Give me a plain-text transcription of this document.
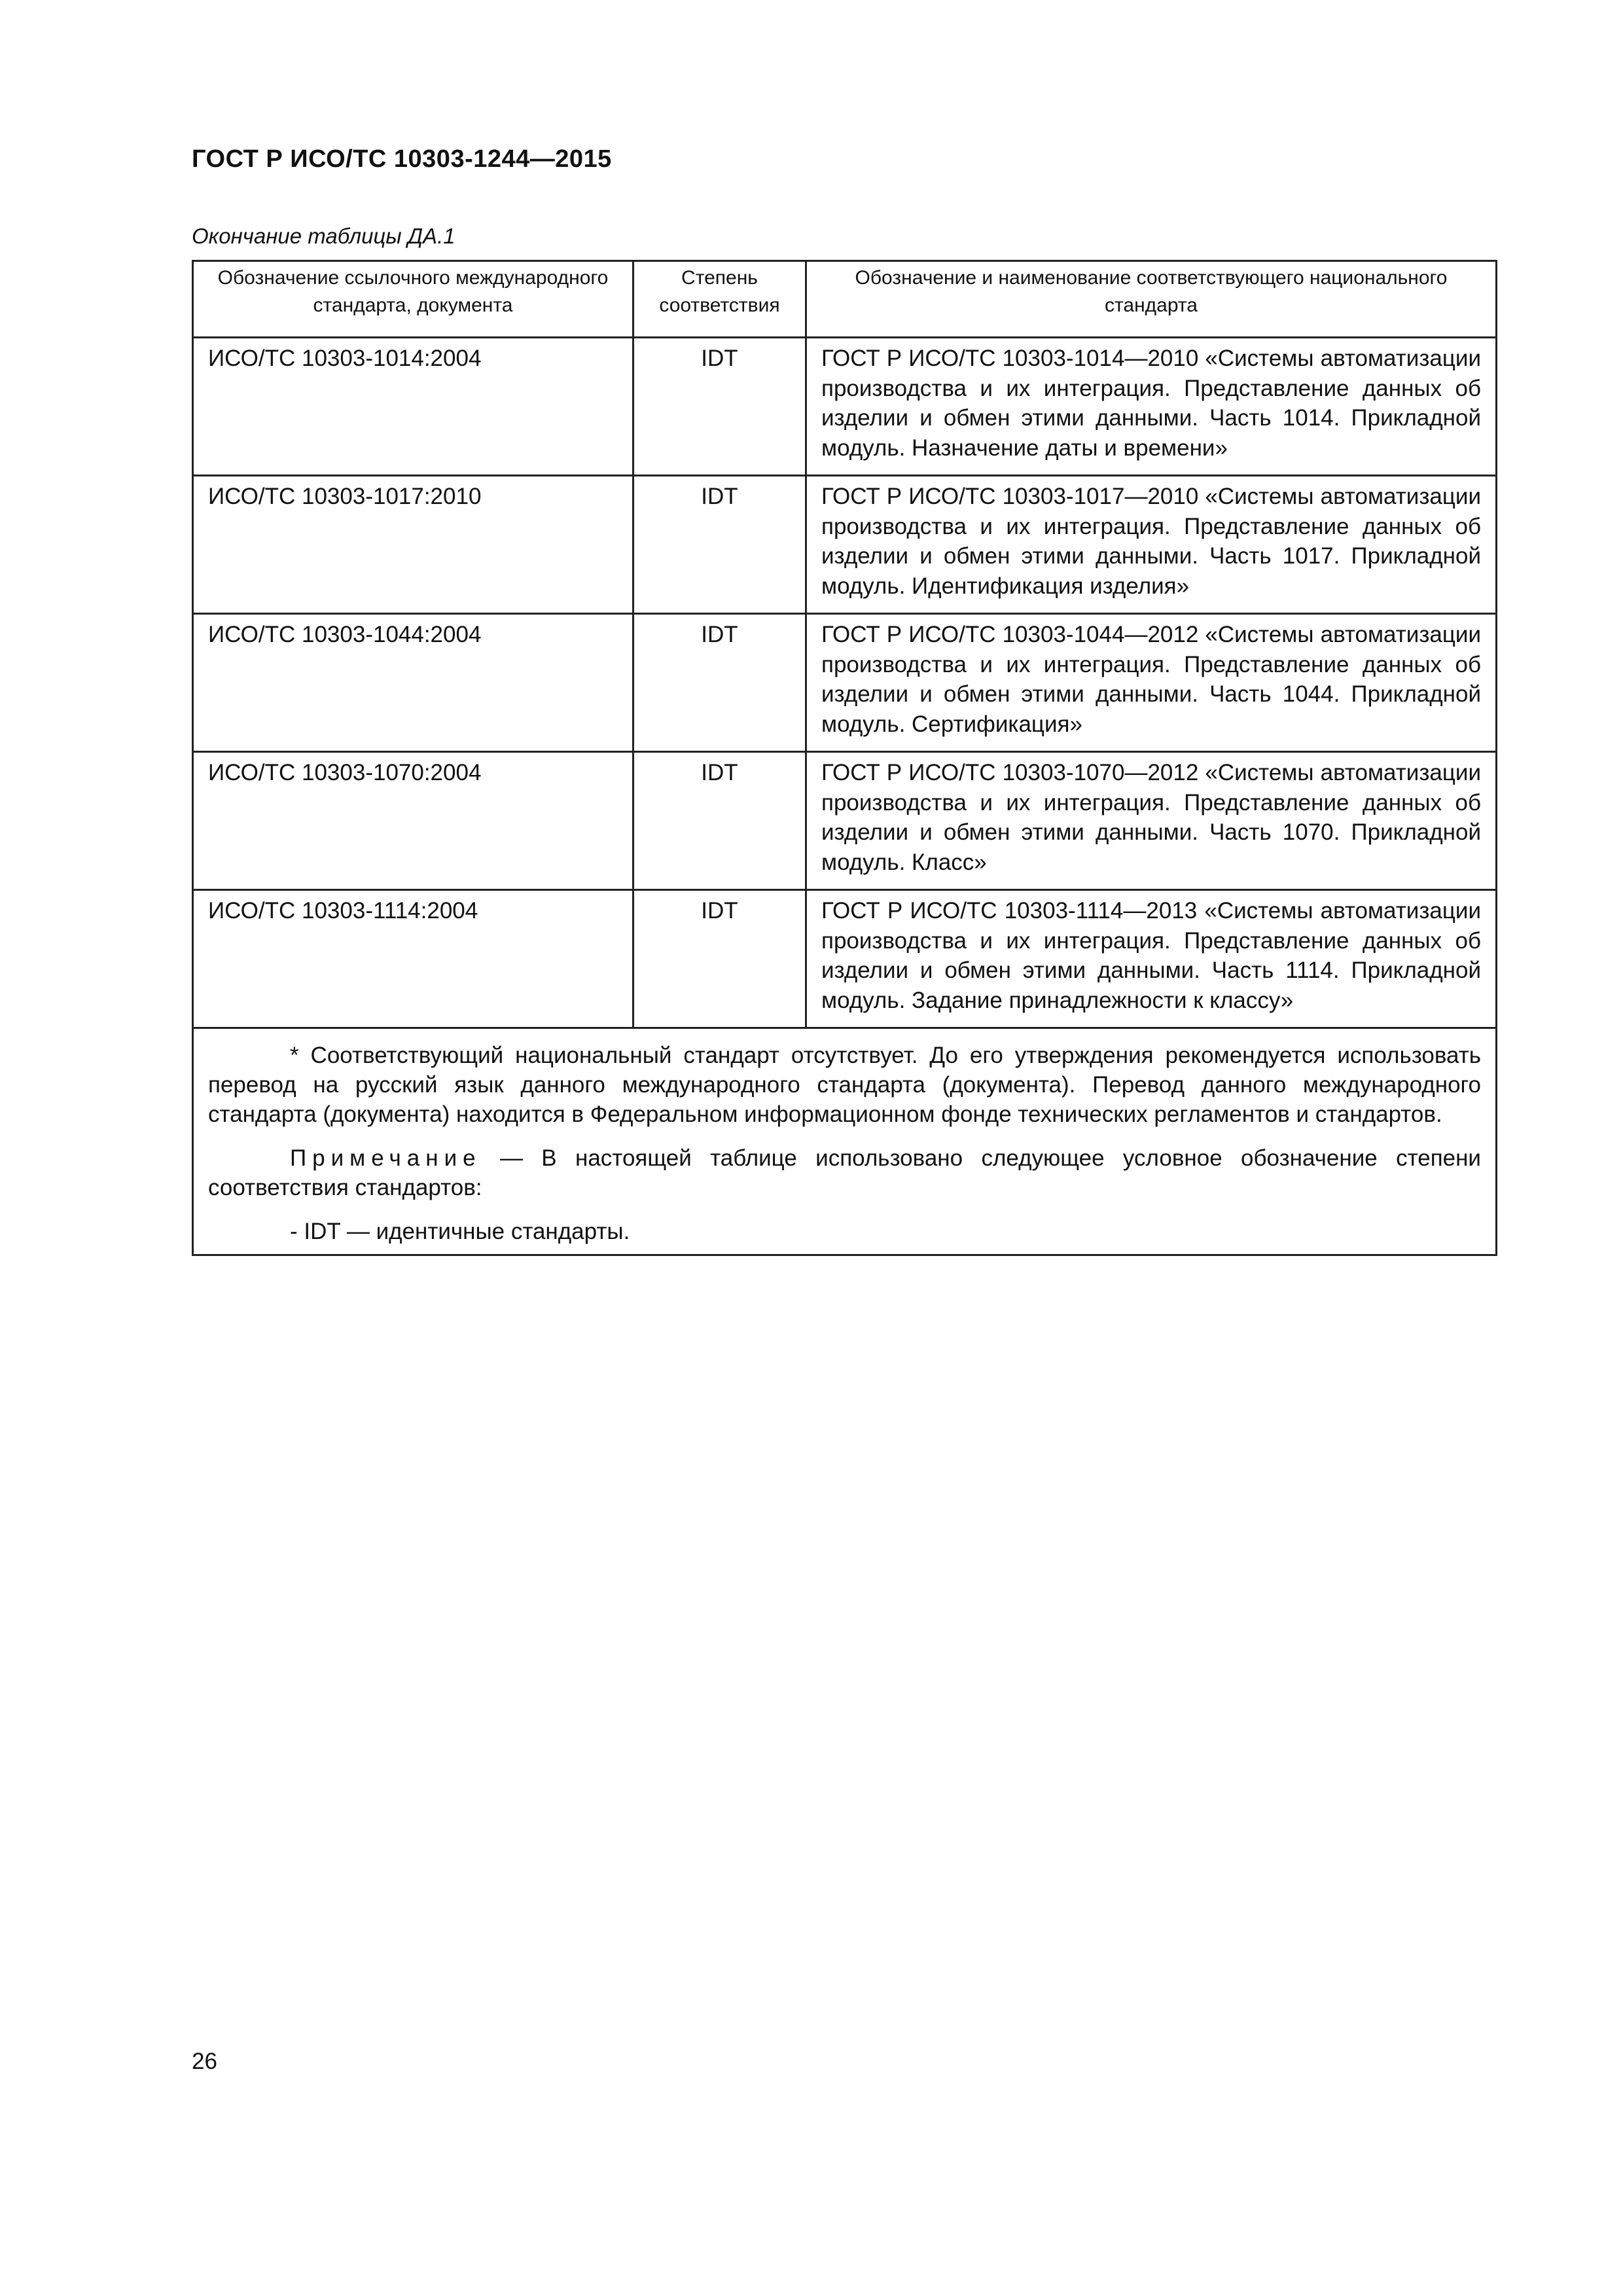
ГОСТ Р ИСО/ТС 10303-1244—2015
Окончание таблицы ДА.1
Обозначение ссылочного международного стандарта, документа	Степень соответствия	Обозначение и наименование соответствующего национального стандарта
ИСО/ТС 10303-1014:2004	IDT	ГОСТ Р ИСО/ТС 10303-1014—2010 «Системы автоматизации производства и их интеграция. Представление данных об изделии и обмен этими данными. Часть 1014. Прикладной модуль. Назначение даты и времени»
ИСО/ТС 10303-1017:2010	IDT	ГОСТ Р ИСО/ТС 10303-1017—2010 «Системы автоматизации производства и их интеграция. Представление данных об изделии и обмен этими данными. Часть 1017. Прикладной модуль. Идентификация изделия»
ИСО/ТС 10303-1044:2004	IDT	ГОСТ Р ИСО/ТС 10303-1044—2012 «Системы автоматизации производства и их интеграция. Представление данных об изделии и обмен этими данными. Часть 1044. Прикладной модуль. Сертификация»
ИСО/ТС 10303-1070:2004	IDT	ГОСТ Р ИСО/ТС 10303-1070—2012 «Системы автоматизации производства и их интеграция. Представление данных об изделии и обмен этими данными. Часть 1070. Прикладной модуль. Класс»
ИСО/ТС 10303-1114:2004	IDT	ГОСТ Р ИСО/ТС 10303-1114—2013 «Системы автоматизации производства и их интеграция. Представление данных об изделии и обмен этими данными. Часть 1114. Прикладной модуль. Задание принадлежности к классу»

* Соответствующий национальный стандарт отсутствует. До его утверждения рекомендуется использовать перевод на русский язык данного международного стандарта (документа). Перевод данного международного стандарта (документа) находится в Федеральном информационном фонде технических регламентов и стандартов.

Примечание — В настоящей таблице использовано следующее условное обозначение степени соответствия стандартов:

- IDT — идентичные стандарты.		

26
